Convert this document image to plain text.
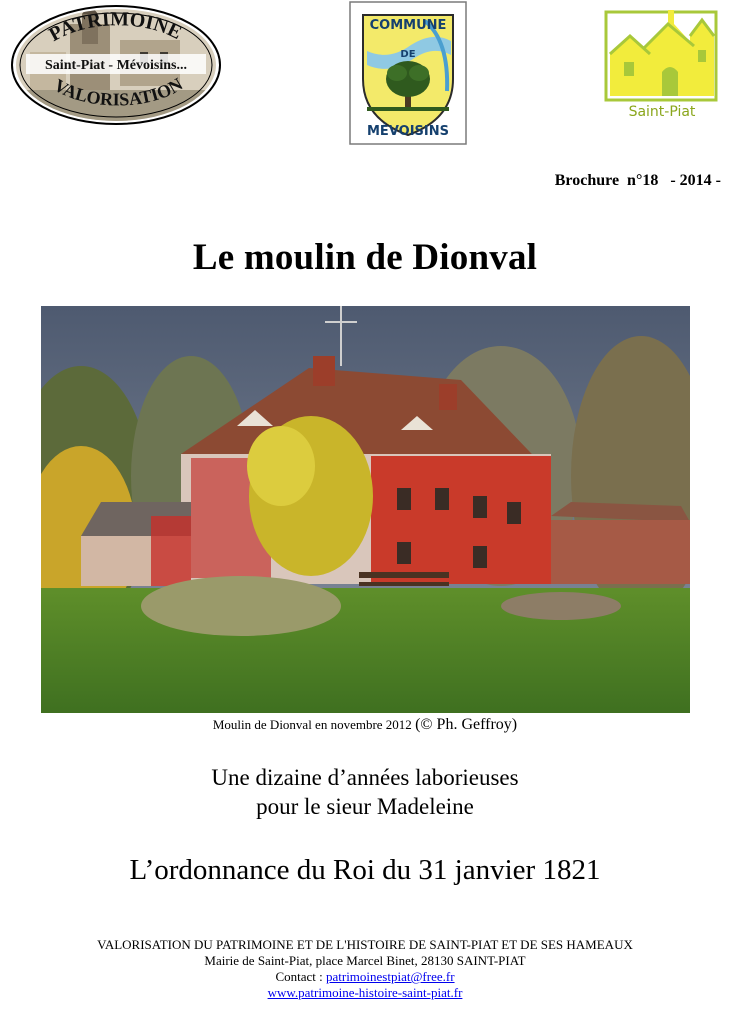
PATRIMOINE
Saint-Piat - Mévoisins...
VALORISATION
COMMUNE
DE
MÉVOISINS
Saint-Piat
Brochure  n°18   - 2014 -
Le moulin de Dionval
Moulin de Dionval en novembre 2012 (© Ph. Geffroy)
Une dizaine d’années laborieuses
pour le sieur Madeleine
L’ordonnance du Roi du 31 janvier 1821
VALORISATION DU PATRIMOINE ET DE L'HISTOIRE DE SAINT-PIAT ET DE SES HAMEAUX
Mairie de Saint-Piat, place Marcel Binet, 28130 SAINT-PIAT
Contact : patrimoinestpiat@free.fr
www.patrimoine-histoire-saint-piat.fr
